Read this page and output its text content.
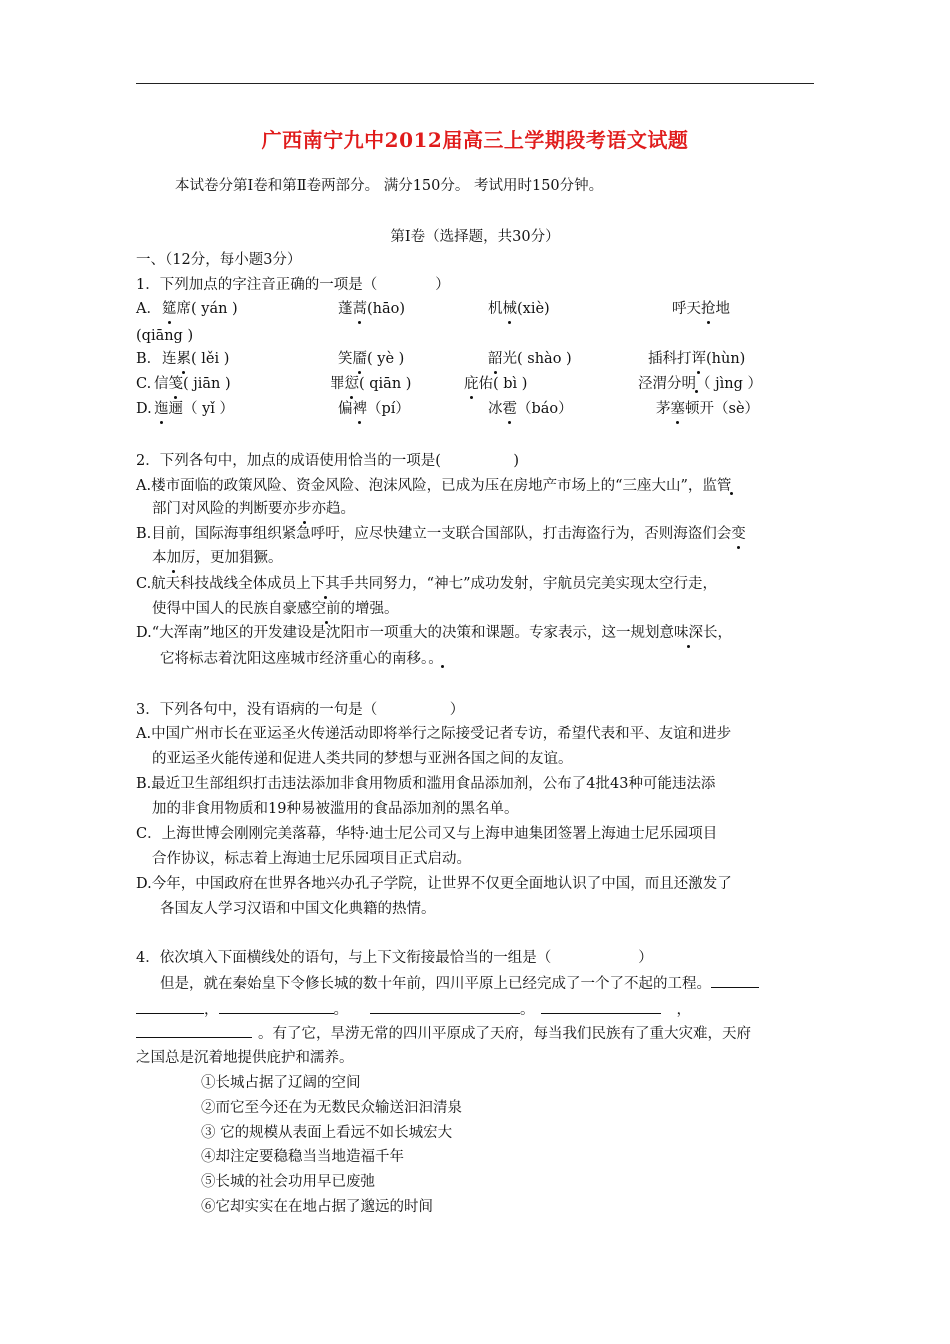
广西南宁九中2012届高三上学期段考语文试题
本试卷分第Ⅰ卷和第Ⅱ卷两部分。 满分150分。 考试用时150分钟。
第Ⅰ卷（选择题，共30分）
一、（12分，每小题3分）
1．下列加点的字注音正确的一项是（　　　　）
A． 筵席( yán )	蓬蒿(hāo)	机械(xiè)	呼天抢地
(qiāng )
B． 连累( lěi )	笑靥( yè )	韶光( shào )	插科打诨(hùn)
C. 信笺( jiān )	罪愆( qiān )	庇佑( bì )	泾渭分明（ jìng ）
D. 迤逦（ yǐ ）	偏裨（pí）	冰雹（báo）	茅塞顿开（sè）
2．下列各句中，加点的成语使用恰当的一项是(　　　　　)
A.楼市面临的政策风险、资金风险、泡沫风险，已成为压在房地产市场上的“三座大山”，监管
部门对风险的判断要亦步亦趋。
B.目前，国际海事组织紧急呼吁，应尽快建立一支联合国部队，打击海盗行为，否则海盗们会变
本加厉，更加猖獗。
C.航天科技战线全体成员上下其手共同努力，“神七”成功发射，宇航员完美实现太空行走，
使得中国人的民族自豪感空前的增强。
D.“大浑南”地区的开发建设是沈阳市一项重大的决策和课题。专家表示，这一规划意味深长，
它将标志着沈阳这座城市经济重心的南移。。
3．下列各句中，没有语病的一句是（　　　　　）
A.中国广州市长在亚运圣火传递活动即将举行之际接受记者专访，希望代表和平、友谊和进步
的亚运圣火能传递和促进人类共同的梦想与亚洲各国之间的友谊。
B.最近卫生部组织打击违法添加非食用物质和滥用食品添加剂，公布了4批43种可能违法添
加的非食用物质和19种易被滥用的食品添加剂的黑名单。
C．上海世博会刚刚完美落幕，华特·迪士尼公司又与上海申迪集团签署上海迪士尼乐园项目
合作协议，标志着上海迪士尼乐园项目正式启动。
D.今年，中国政府在世界各地兴办孔子学院，让世界不仅更全面地认识了中国，而且还激发了
各国友人学习汉语和中国文化典籍的热情。
4．依次填入下面横线处的语句，与上下文衔接最恰当的一组是（　　　　　　）
但是，就在秦始皇下令修长城的数十年前，四川平原上已经完成了一个了不起的工程。
，	。	。	，
。有了它，旱涝无常的四川平原成了天府，每当我们民族有了重大灾难，天府
之国总是沉着地提供庇护和濡养。
①长城占据了辽阔的空间
②而它至今还在为无数民众输送汩汩清泉
③ 它的规模从表面上看远不如长城宏大
④却注定要稳稳当当地造福千年
⑤长城的社会功用早已废弛
⑥它却实实在在地占据了邈远的时间
